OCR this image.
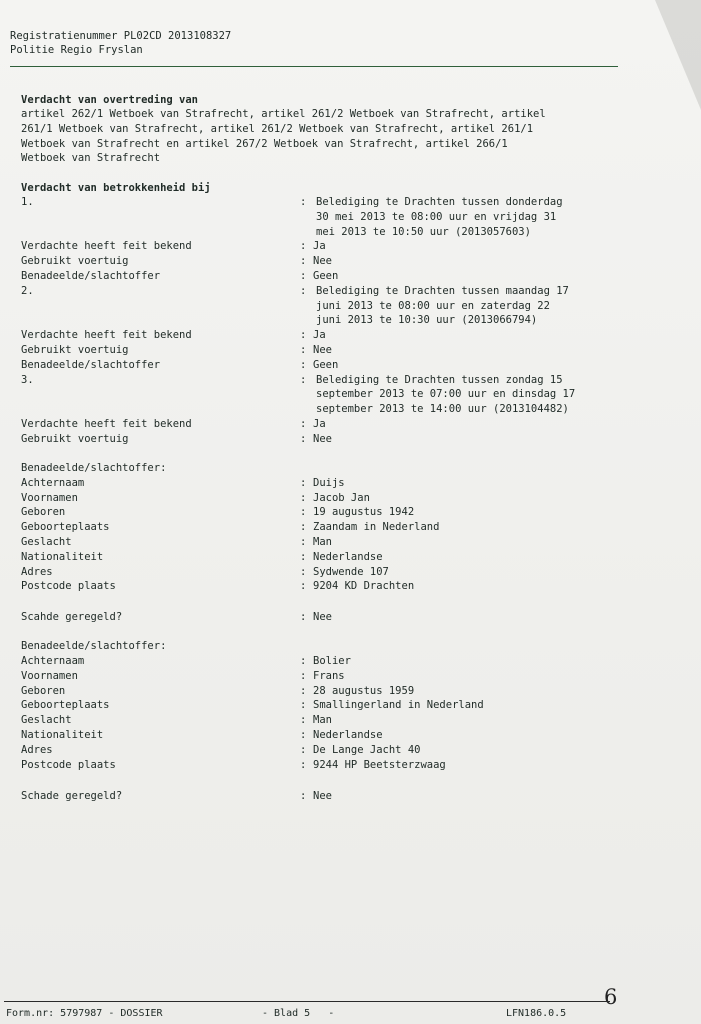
Registratienummer PL02CD 2013108327
Politie Regio Fryslan
Verdacht van overtreding van
artikel 262/1 Wetboek van Strafrecht, artikel 261/2 Wetboek van Strafrecht, artikel
261/1 Wetboek van Strafrecht, artikel 261/2 Wetboek van Strafrecht, artikel 261/1
Wetboek van Strafrecht en artikel 267/2 Wetboek van Strafrecht, artikel 266/1
Wetboek van Strafrecht
Verdacht van betrokkenheid bij
1.	: Belediging te Drachten tussen donderdag
30 mei 2013 te 08:00 uur en vrijdag 31
mei 2013 te 10:50 uur (2013057603)
Verdachte heeft feit bekend	: Ja
Gebruikt voertuig	: Nee
Benadeelde/slachtoffer	: Geen
2.	: Belediging te Drachten tussen maandag 17
juni 2013 te 08:00 uur en zaterdag 22
juni 2013 te 10:30 uur (2013066794)
Verdachte heeft feit bekend	: Ja
Gebruikt voertuig	: Nee
Benadeelde/slachtoffer	: Geen
3.	: Belediging te Drachten tussen zondag 15
september 2013 te 07:00 uur en dinsdag 17
september 2013 te 14:00 uur (2013104482)
Verdachte heeft feit bekend	: Ja
Gebruikt voertuig	: Nee
Benadeelde/slachtoffer:
Achternaam	: Duijs
Voornamen	: Jacob Jan
Geboren	: 19 augustus 1942
Geboorteplaats	: Zaandam in Nederland
Geslacht	: Man
Nationaliteit	: Nederlandse
Adres	: Sydwende 107
Postcode plaats	: 9204 KD Drachten
Scahde geregeld?	: Nee
Benadeelde/slachtoffer:
Achternaam	: Bolier
Voornamen	: Frans
Geboren	: 28 augustus 1959
Geboorteplaats	: Smallingerland in Nederland
Geslacht	: Man
Nationaliteit	: Nederlandse
Adres	: De Lange Jacht 40
Postcode plaats	: 9244 HP Beetsterzwaag
Schade geregeld?	: Nee
6
Form.nr: 5797987 - DOSSIER	- Blad 5   -	LFN186.0.5
